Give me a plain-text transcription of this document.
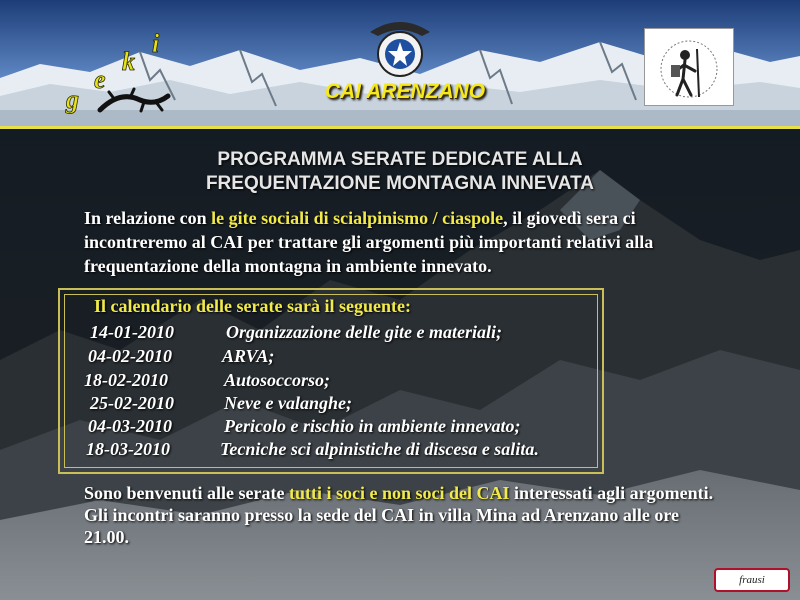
g
e
k
i
CAI ARENZANO
PROGRAMMA SERATE DEDICATE ALLA
FREQUENTAZIONE MONTAGNA INNEVATA
In relazione con le gite sociali di scialpinismo / ciaspole, il giovedì sera ci incontreremo al CAI per trattare gli argomenti più importanti relativi alla frequentazione della montagna in ambiente innevato.
Il calendario delle serate sarà il seguente:
14-01-2010	Organizzazione delle gite e materiali;
04-02-2010	ARVA;
18-02-2010	Autosoccorso;
25-02-2010	Neve e valanghe;
04-03-2010	Pericolo e rischio in ambiente innevato;
18-03-2010	Tecniche sci alpinistiche di discesa e salita.
Sono benvenuti alle serate tutti i soci e non soci del CAI interessati agli argomenti.
Gli incontri saranno presso la sede del CAI in villa Mina ad Arenzano alle ore 21.00.
frausi
